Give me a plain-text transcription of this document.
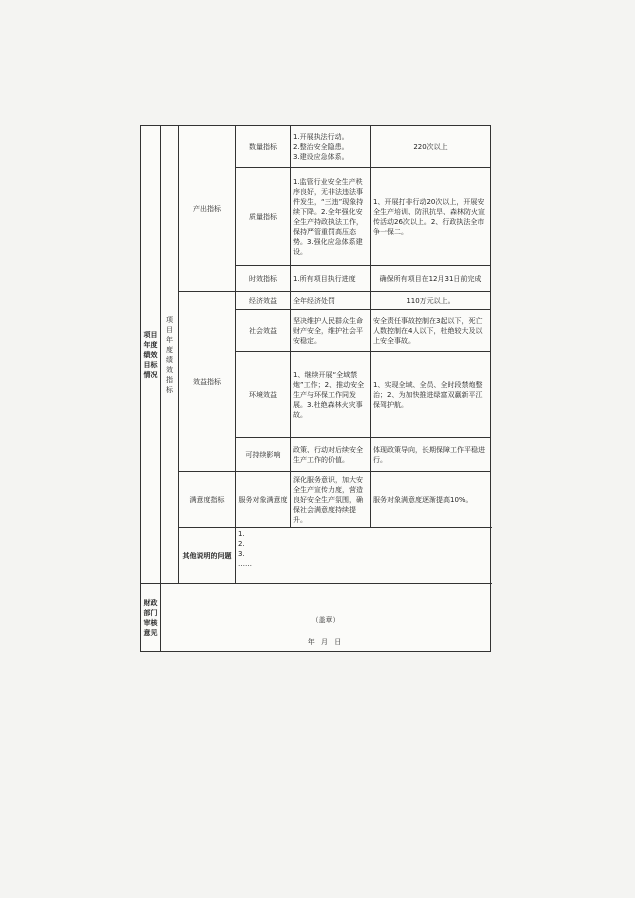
项目年度绩效目标情况	项目年度绩效指标	产出指标	数量指标	1.开展执法行动。
2.整治安全隐患。
3.建设应急体系。	220次以上
			质量指标	1.监管行业安全生产秩序良好，无非法违法事件发生，“三违”现象持续下降。2.全年强化安全生产持政执法工作，保持严管重罚高压态势。3.强化应急体系建设。	1、开展打非行动20次以上，开展安全生产培训、防汛抗旱、森林防火宣传活动26次以上。2、行政执法全市争一保二。
			时效指标	1.所有项目执行进度	确保所有项目在12月31日前完成
		效益指标	经济效益	全年经济处罚	110万元以上。
			社会效益	坚决维护人民群众生命财产安全，维护社会平安稳定。	安全责任事故控制在3起以下，死亡人数控制在4人以下，杜绝较大及以上安全事故。
			环境效益	1、继续开展“全域禁炮”工作；2、推动安全生产与环保工作同发展。3.杜绝森林火灾事故。	1、实现全域、全员、全时段禁炮整治；2、为加快推进绿富双赢新平江保驾护航。
			可持续影响	政策、行动对后续安全生产工作的价值。	体现政策导向，长期保障工作平稳进行。
		满意度指标	服务对象满意度	深化服务意识，加大安全生产宣传力度，营造良好安全生产氛围，确保社会满意度持续提升。	服务对象满意度逐渐提高10%。
		其他说明的问题	1.
2.
3.
……		

财政部门审核意见	（盖章）
年 月 日				
